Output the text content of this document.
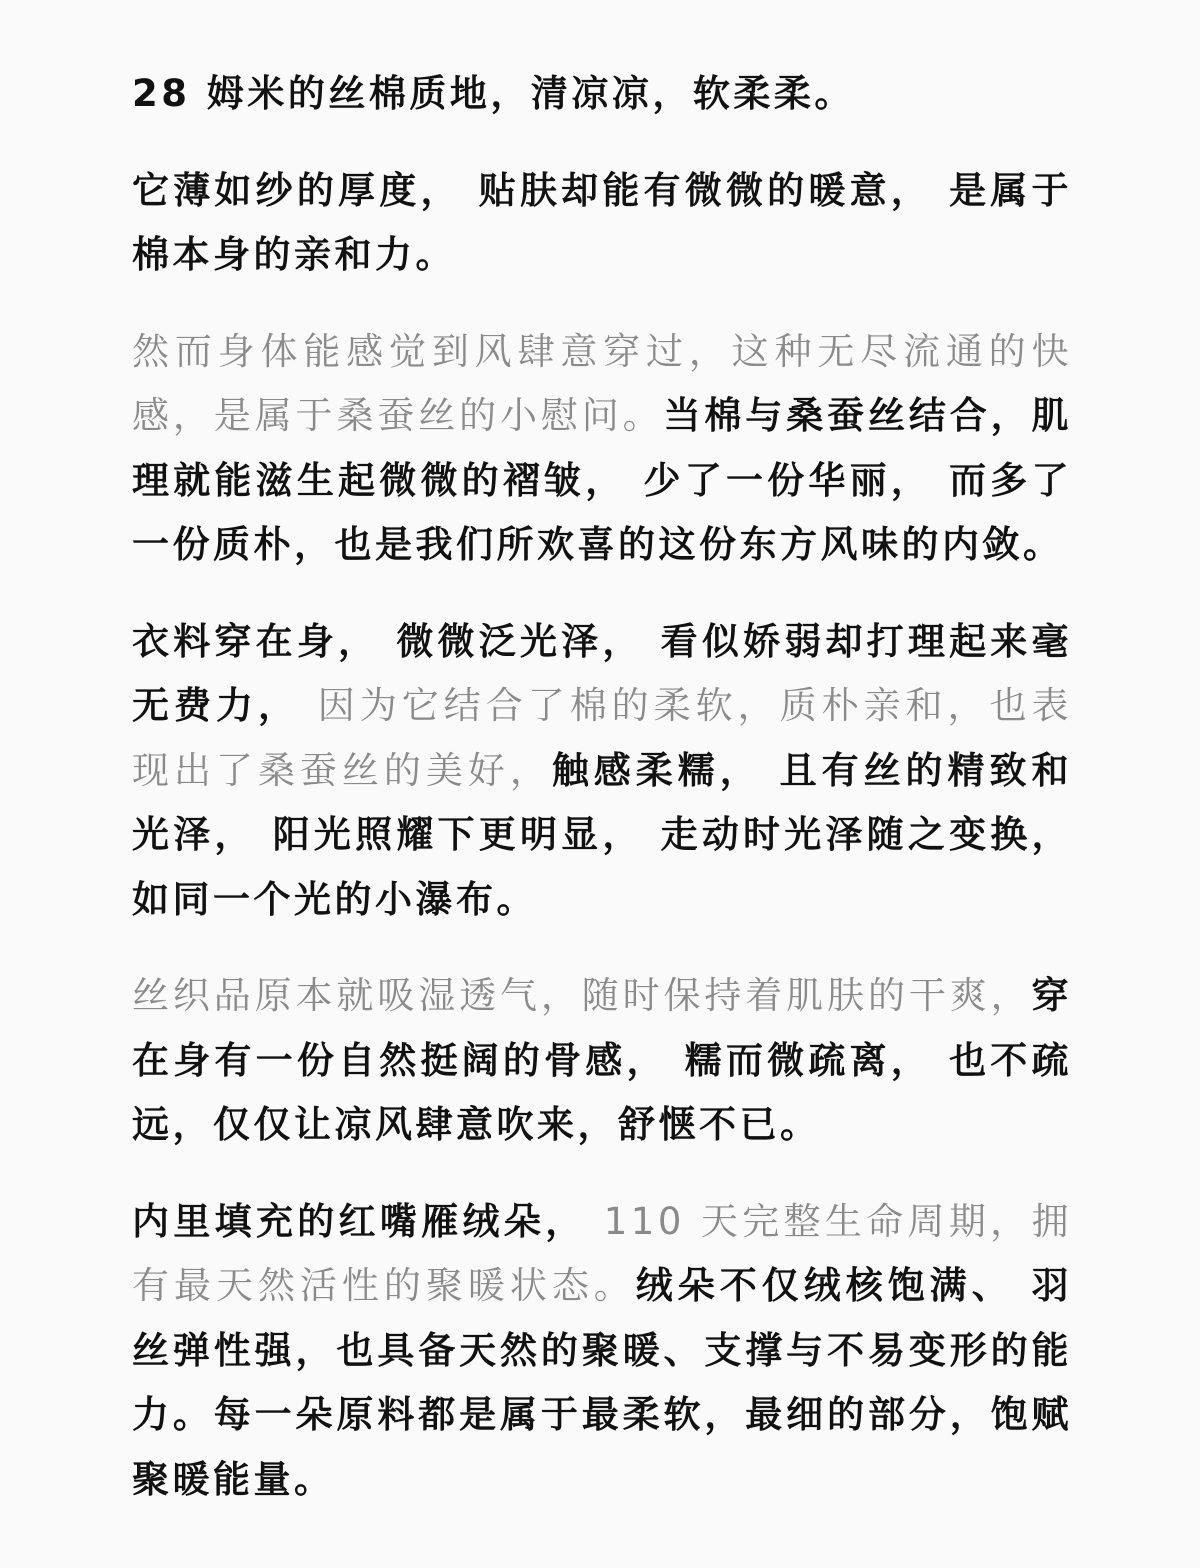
28 姆米的丝棉质地，清凉凉，软柔柔。

它薄如纱的厚度， 贴肤却能有微微的暖意， 是属于棉本身的亲和力。

然而身体能感觉到风肆意穿过，这种无尽流通的快感，是属于桑蚕丝的小慰问。当棉与桑蚕丝结合，肌理就能滋生起微微的褶皱， 少了一份华丽， 而多了一份质朴，也是我们所欢喜的这份东方风味的内敛。

衣料穿在身， 微微泛光泽， 看似娇弱却打理起来毫无费力， 因为它结合了棉的柔软，质朴亲和，也表现出了桑蚕丝的美好，触感柔糯， 且有丝的精致和光泽， 阳光照耀下更明显， 走动时光泽随之变换， 如同一个光的小瀑布。

丝织品原本就吸湿透气，随时保持着肌肤的干爽，穿在身有一份自然挺阔的骨感， 糯而微疏离， 也不疏远，仅仅让凉风肆意吹来，舒惬不已。

内里填充的红嘴雁绒朵， 110 天完整生命周期，拥有最天然活性的聚暖状态。绒朵不仅绒核饱满、 羽丝弹性强，也具备天然的聚暖、支撑与不易变形的能力。每一朵原料都是属于最柔软，最细的部分，饱赋聚暖能量。
